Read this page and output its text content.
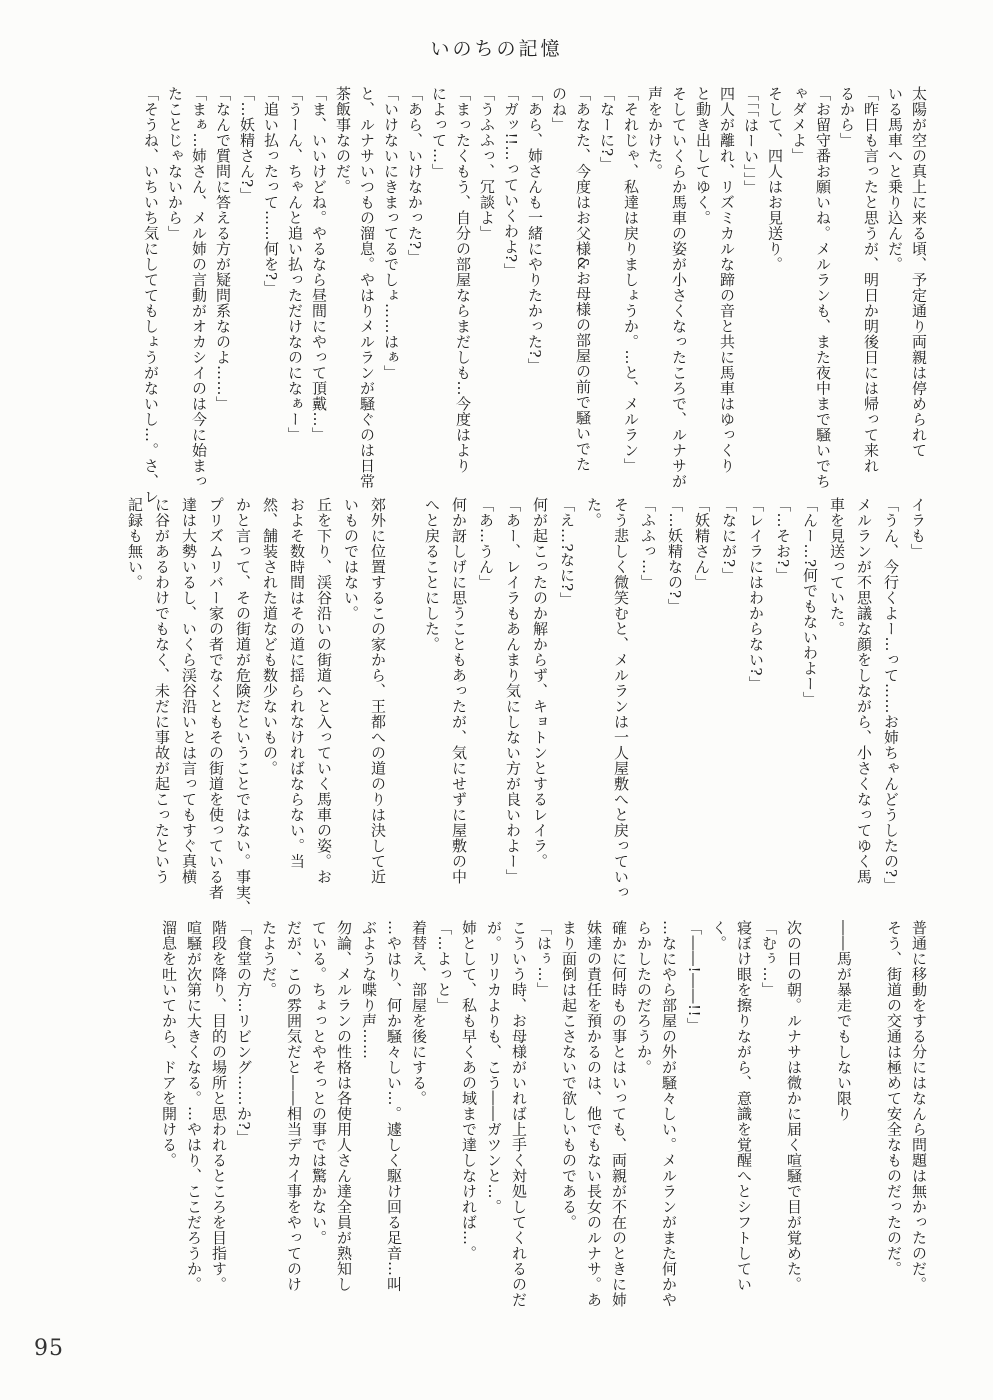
いのちの記憶
太陽が空の真上に来る頃、予定通り両親は停められて
いる馬車へと乗り込んだ。
「昨日も言ったと思うが、明日か明後日には帰って来れ
るから」
「お留守番お願いね。メルランも、また夜中まで騒いでち
ゃダメよ」
そして、四人はお見送り。
「「「はーい」」」
四人が離れ、リズミカルな蹄の音と共に馬車はゆっくり
と動き出してゆく。
そしていくらか馬車の姿が小さくなったころで、ルナサが
声をかけた。
「それじゃ、私達は戻りましょうか。…と、メルラン」
「なーに?」
「あなた、今度はお父様&お母様の部屋の前で騒いでた
のね」
「あら、姉さんも一緒にやりたかった?」
「ガッ!!…っていくわよ?」
「うふふっ、冗談よ」
「まったくもう、自分の部屋ならまだしも…今度はより
によって…」
「あら、いけなかった?」
「いけないにきまってるでしょ……はぁ」
と、ルナサいつもの溜息。やはりメルランが騒ぐのは日常
茶飯事なのだ。
「ま、いいけどね。やるなら昼間にやって頂戴…」
「うーん、ちゃんと追い払っただけなのになぁー」
「追い払ったって……何を?」
「…妖精さん?」
「なんで質問に答える方が疑問系なのよ……」
「まぁ…姉さん、メル姉の言動がオカシイのは今に始まっ
たことじゃないから」
「そうね、いちいち気にしててもしょうがないし…。さ、レ
イラも」
「うん、今行くよー…って……お姉ちゃんどうしたの?」
メルランが不思議な顔をしながら、小さくなってゆく馬
車を見送っていた。
「んー…?何でもないわよー」
「…そお?」
「レイラにはわからない?」
「なにが?」
「妖精さん」
「…妖精なの?」
「ふふっ…」
そう悲しく微笑むと、メルランは一人屋敷へと戻っていっ
た。
「え…?なに?」
何が起こったのか解からず、キョトンとするレイラ。
「あー、レイラもあんまり気にしない方が良いわよー」
「あ…うん」
何か訝しげに思うこともあったが、気にせずに屋敷の中
へと戻ることにした。

郊外に位置するこの家から、王都への道のりは決して近
いものではない。
丘を下り、渓谷沿いの街道へと入っていく馬車の姿。お
およそ数時間はその道に揺られなければならない。当
然、舗装された道なども数少ないもの。
かと言って、その街道が危険だということではない。事実、
プリズムリバー家の者でなくともその街道を使っている者
達は大勢いるし、いくら渓谷沿いとは言ってもすぐ真横
に谷があるわけでもなく、未だに事故が起こったという
記録も無い。
普通に移動をする分にはなんら問題は無かったのだ。
そう、街道の交通は極めて安全なものだったのだ。

――馬が暴走でもしない限り

次の日の朝。ルナサは微かに届く喧騒で目が覚めた。
「むぅ…」
寝ぼけ眼を擦りながら、意識を覚醒へとシフトしてい
く。
「――!――!!」
…なにやら部屋の外が騒々しい。メルランがまた何かや
らかしたのだろうか。
確かに何時もの事とはいっても、両親が不在のときに姉
妹達の責任を預かるのは、他でもない長女のルナサ。あ
まり面倒は起こさないで欲しいものである。
「はぅ…」
こういう時、お母様がいれば上手く対処してくれるのだ
が。リリカよりも、こう――ガツンと…。
姉として、私も早くあの域まで達しなければ…。
「…よっと」
着替え、部屋を後にする。
…やはり、何か騒々しい…。遽しく駆け回る足音…叫
ぶような喋り声……
勿論、メルランの性格は各使用人さん達全員が熟知し
ている。ちょっとやそっとの事では驚かない。
だが、この雰囲気だと――相当デカイ事をやってのけ
たようだ。
「食堂の方…リビング……か?」
階段を降り、目的の場所と思われるところを目指す。
喧騒が次第に大きくなる。…やはり、ここだろうか。
溜息を吐いてから、ドアを開ける。
95
